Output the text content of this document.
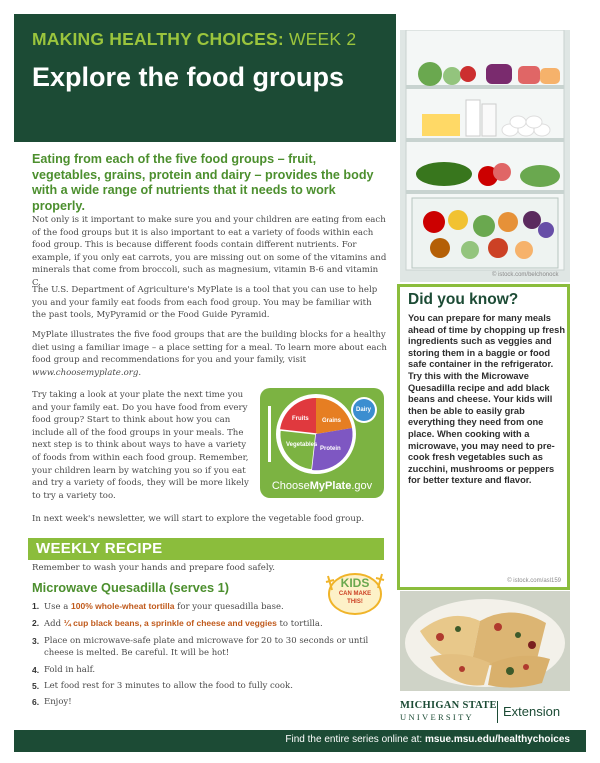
MAKING HEALTHY CHOICES: WEEK 2
Explore the food groups
© istock.com/belchonock
Eating from each of the five food groups – fruit, vegetables, grains, protein and dairy – provides the body with a wide range of nutrients that it needs to work properly.
Not only is it important to make sure you and your children are eating from each of the food groups but it is also important to eat a variety of foods within each food group. This is because different foods contain different nutrients. For example, if you only eat carrots, you are missing out on some of the vitamins and minerals that come from broccoli, such as magnesium, vitamin B-6 and vitamin C.
The U.S. Department of Agriculture's MyPlate is a tool that you can use to help you and your family eat foods from each food group. You may be familiar with the past tools, MyPyramid or the Food Guide Pyramid.
MyPlate illustrates the five food groups that are the building blocks for a healthy diet using a familiar image – a place setting for a meal. To learn more about each food group and recommendations for you and your family, visit www.choosemyplate.org.
Try taking a look at your plate the next time you and your family eat. Do you have food from every food group? Start to think about how you can include all of the food groups in your meals. The next step is to think about ways to have a variety of foods from within each food group. Remember, your children learn by watching you so if you eat and try a variety of foods, they will be more likely to try a variety too.
In next week's newsletter, we will start to explore the vegetable food group.
Fruits Grains
Vegetables
Protein
Dairy
ChooseMyPlate.gov
Did you know?
You can prepare for many meals ahead of time by chopping up fresh ingredients such as veggies and storing them in a baggie or food safe container in the refrigerator. Try this with the Microwave Quesadilla recipe and add black beans and cheese. Your kids will then be able to easily grab everything they need from one place. When cooking with a microwave, you may need to pre-cook fresh vegetables such as zucchini, mushrooms or peppers for better texture and flavor.
© istock.com/asl159
MICHIGAN STATE
UNIVERSITY Extension
WEEKLY RECIPE
Remember to wash your hands and prepare food safely.
Microwave Quesadilla (serves 1)	KIDS
CAN MAKE
THIS!
1. Use a 100% whole-wheat tortilla for your quesadilla base.
2. Add ¼ cup black beans, a sprinkle of cheese and veggies to tortilla.
3. Place on microwave-safe plate and microwave for 20 to 30 seconds or until cheese is melted. Be careful. It will be hot!
4. Fold in half.
5. Let food rest for 3 minutes to allow the food to fully cook.
6. Enjoy!
Find the entire series online at: msue.msu.edu/healthychoices
